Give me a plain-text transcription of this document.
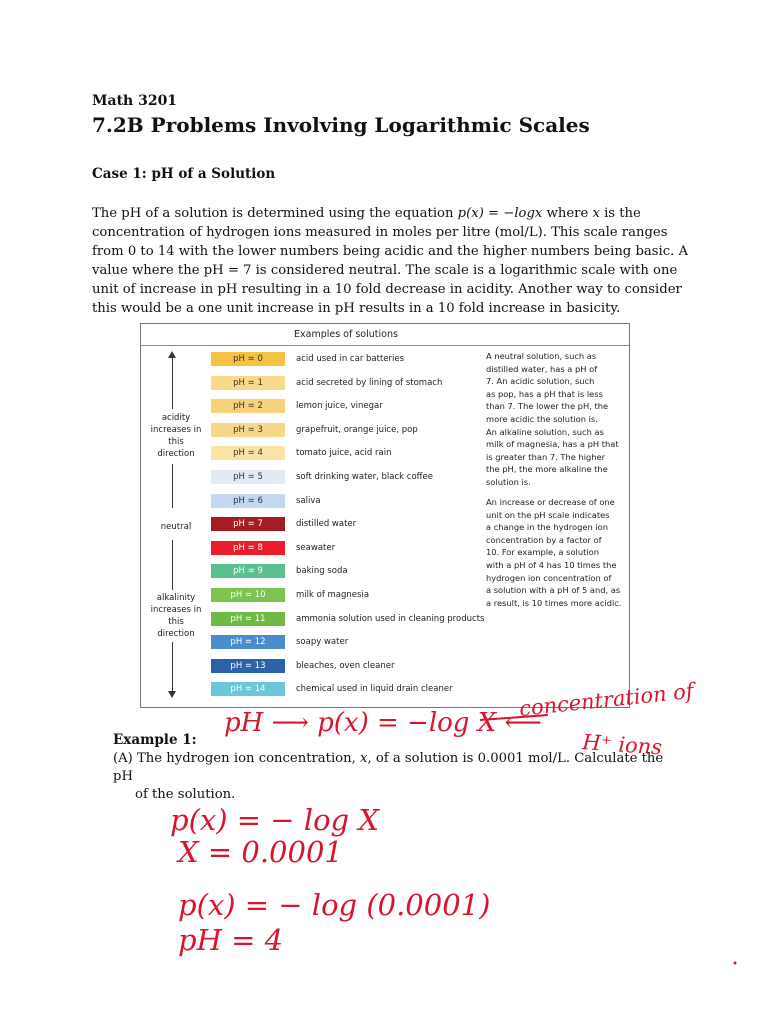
Math 3201
7.2B Problems Involving Logarithmic Scales
Case 1: pH of a Solution
The pH of a solution is determined using the equation p(x) = −logx where x is the concentration of hydrogen ions measured in moles per litre (mol/L). This scale ranges from 0 to 14 with the lower numbers being acidic and the higher numbers being basic. A value where the pH = 7 is considered neutral. The scale is a logarithmic scale with one unit of increase in pH resulting in a 10 fold decrease in acidity. Another way to consider this would be a one unit increase in pH results in a 10 fold increase in basicity.
Examples of solutions
acidity
increases in
this
direction
neutral
alkalinity
increases in
this
direction
pH = 0	acid used in car batteries
pH = 1	acid secreted by lining of stomach
pH = 2	lemon juice, vinegar
pH = 3	grapefruit, orange juice, pop
pH = 4	tomato juice, acid rain
pH = 5	soft drinking water, black coffee
pH = 6	saliva
pH = 7	distilled water
pH = 8	seawater
pH = 9	baking soda
pH = 10	milk of magnesia
pH = 11	ammonia solution used in cleaning products
pH = 12	soapy water
pH = 13	bleaches, oven cleaner
pH = 14	chemical used in liquid drain cleaner
A neutral solution, such as
distilled water, has a pH of
7. An acidic solution, such
as pop, has a pH that is less
than 7. The lower the pH, the
more acidic the solution is.
An alkaline solution, such as
milk of magnesia, has a pH that
is greater than 7. The higher
the pH, the more alkaline the
solution is.
An increase or decrease of one
unit on the pH scale indicates
a change in the hydrogen ion
concentration by a factor of
10. For example, a solution
with a pH of 4 has 10 times the
hydrogen ion concentration of
a solution with a pH of 5 and, as
a result, is 10 times more acidic.
Example 1:
(A) The hydrogen ion concentration, x, of a solution is 0.0001 mol/L. Calculate the pH
of the solution.
pH ⟶ p(x) = −log X ⟵
concentration of
H⁺ ions
p(x) = − log X
X = 0.0001
p(x) = − log (0.0001)
pH = 4
